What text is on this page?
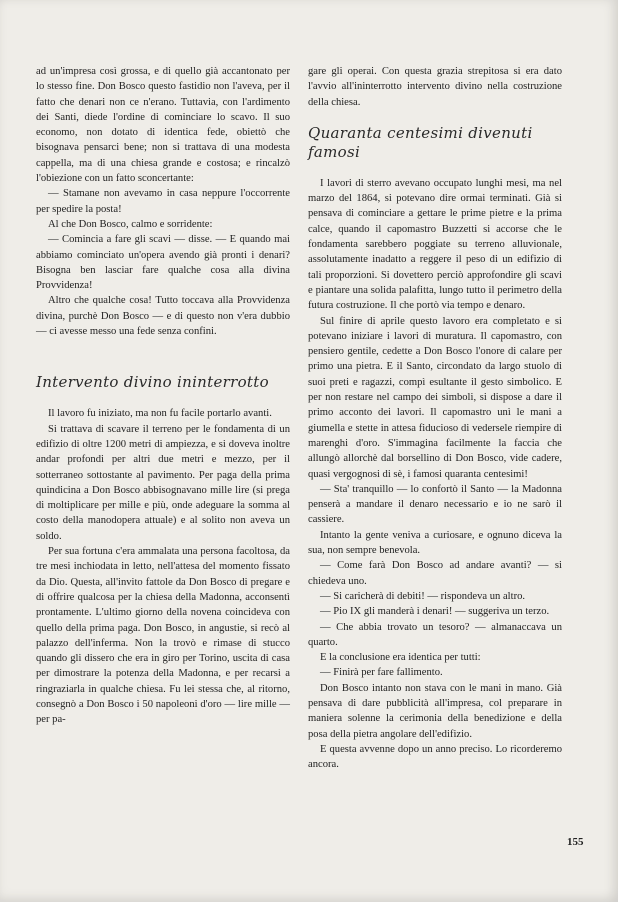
ad un'impresa così grossa, e di quello già accantonato per lo stesso fine. Don Bosco questo fastidio non l'aveva, per il fatto che denari non ce n'erano. Tuttavia, con l'ardimento dei Santi, diede l'ordine di cominciare lo scavo. Il suo economo, non dotato di identica fede, obiettò che bisognava pensarci bene; non si trattava di una modesta cappella, ma di una chiesa grande e costosa; e rincalzò l'obiezione con un fatto sconcertante:

— Stamane non avevamo in casa neppure l'occorrente per spedire la posta!

Al che Don Bosco, calmo e sorridente:

— Comincia a fare gli scavi — disse. — E quando mai abbiamo cominciato un'opera avendo già pronti i denari? Bisogna ben lasciar fare qualche cosa alla divina Provvidenza!

Altro che qualche cosa! Tutto toccava alla Provvidenza divina, purchè Don Bosco — e di questo non v'era dubbio — ci avesse messo una fede senza confini.

Intervento divino ininterrotto

Il lavoro fu iniziato, ma non fu facile portarlo avanti.

Si trattava di scavare il terreno per le fondamenta di un edifizio di oltre 1200 metri di ampiezza, e si doveva inoltre andar profondi per altri due metri e mezzo, per il sotterraneo sottostante al pavimento. Per paga della prima quindicina a Don Bosco abbisognavano mille lire (si prega di moltiplicare per mille e più, onde adeguare la somma al costo della manodopera attuale) e al solito non aveva un soldo.

Per sua fortuna c'era ammalata una persona facoltosa, da tre mesi inchiodata in letto, nell'attesa del momento fissato da Dio. Questa, all'invito fattole da Don Bosco di pregare e di offrire qualcosa per la chiesa della Madonna, acconsentì prontamente. L'ultimo giorno della novena coincideva con quello della prima paga. Don Bosco, in angustie, si recò al palazzo dell'inferma. Non la trovò e rimase di stucco quando gli dissero che era in giro per Torino, uscita di casa per dimostrare la potenza della Madonna, e per recarsi a ringraziarla in qualche chiesa. Fu lei stessa che, al ritorno, consegnò a Don Bosco i 50 napoleoni d'oro — lire mille — per pa-

gare gli operai. Con questa grazia strepitosa si era dato l'avvio all'ininterrotto intervento divino nella costruzione della chiesa.

Quaranta centesimi divenuti famosi

I lavori di sterro avevano occupato lunghi mesi, ma nel marzo del 1864, si potevano dire ormai terminati. Già si pensava di cominciare a gettare le prime pietre e la prima calce, quando il capomastro Buzzetti si accorse che le fondamenta sarebbero poggiate su terreno alluvionale, assolutamente inadatto a reggere il peso di un edifizio di tali proporzioni. Si dovettero perciò approfondire gli scavi e piantare una solida palafitta, lungo tutto il perimetro della futura costruzione. Il che portò via tempo e denaro.

Sul finire di aprile questo lavoro era completato e si potevano iniziare i lavori di muratura. Il capomastro, con pensiero gentile, cedette a Don Bosco l'onore di calare per primo una pietra. E il Santo, circondato da largo stuolo di suoi preti e ragazzi, compì esultante il gesto simbolico. E per non restare nel campo dei simboli, si dispose a dare il primo acconto dei lavori. Il capomastro unì le mani a giumella e stette in attesa fiducioso di vedersele riempire di marenghi d'oro. S'immagina facilmente la faccia che allungò allorchè dal borsellino di Don Bosco, vide cadere, quasi vergognosi di sè, i famosi quaranta centesimi!

— Sta' tranquillo — lo confortò il Santo — la Madonna penserà a mandare il denaro necessario e io ne sarò il cassiere.

Intanto la gente veniva a curiosare, e ognuno diceva la sua, non sempre benevola.

— Come farà Don Bosco ad andare avanti? — si chiedeva uno.

— Si caricherà di debiti! — rispondeva un altro.

— Pio IX gli manderà i denari! — suggeriva un terzo.

— Che abbia trovato un tesoro? — almanaccava un quarto.

E la conclusione era identica per tutti:

— Finirà per fare fallimento.

Don Bosco intanto non stava con le mani in mano. Già pensava di dare pubblicità all'impresa, col preparare in maniera solenne la cerimonia della benedizione e della posa della pietra angolare dell'edifizio.

E questa avvenne dopo un anno preciso. Lo ricorderemo ancora.

155
